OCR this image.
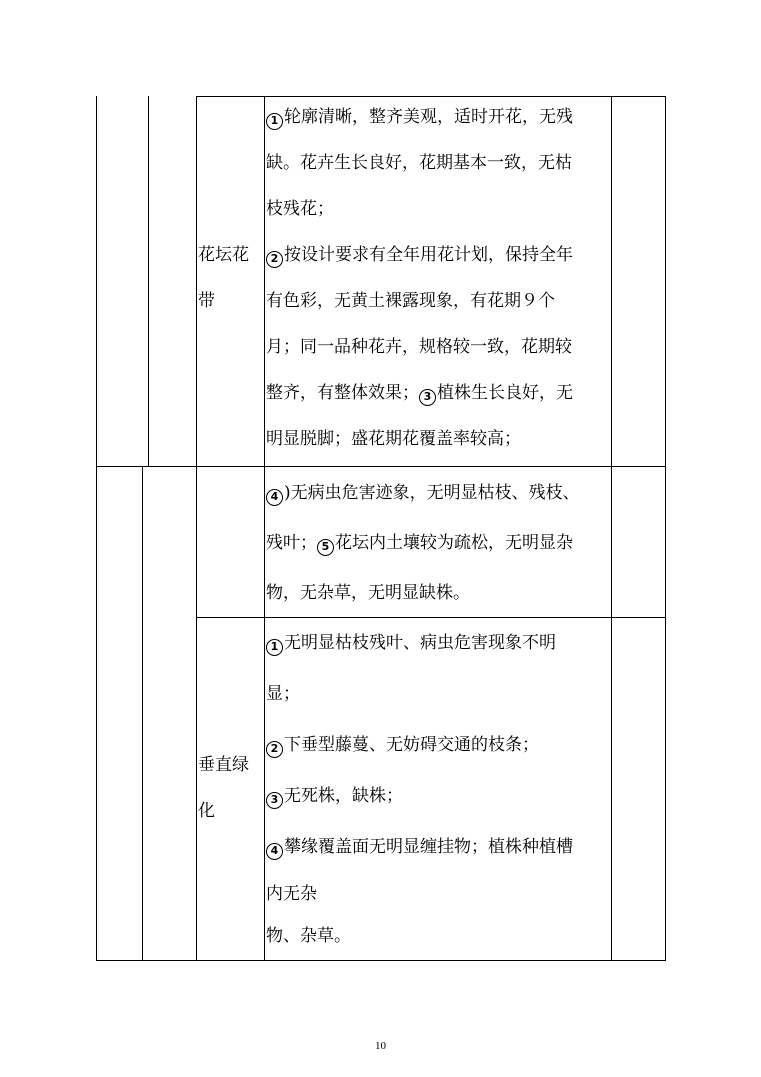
花坛花
带
1 轮廓清晰，整齐美观，适时开花，无残
缺。花卉生长良好，花期基本一致，无枯
枝残花；
2 按设计要求有全年用花计划，保持全年
有色彩，无黄土裸露现象，有花期９个
月；同一品种花卉，规格较一致，花期较
整齐，有整体效果； 3 植株生长良好，无
明显脱脚；盛花期花覆盖率较高；
4 )无病虫危害迹象，无明显枯枝、残枝、
残叶； 5 花坛内土壤较为疏松，无明显杂
物，无杂草，无明显缺株。
垂直绿
化
1 无明显枯枝残叶、病虫危害现象不明
显；
2 下垂型藤蔓、无妨碍交通的枝条；
3 无死株，缺株；
4 攀缘覆盖面无明显缠挂物；植株种植槽
内无杂
物、杂草。
10
